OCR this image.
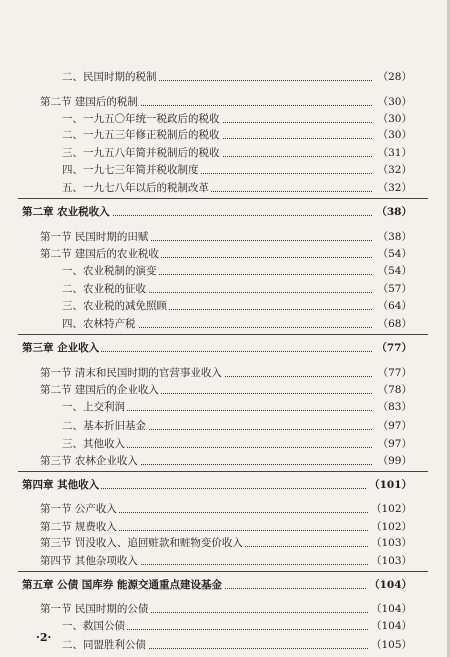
二、民国时期的税制	（28）
第二节 建国后的税制	（30）
一、一九五〇年统一税政后的税收	（30）
二、一九五三年修正税制后的税收	（30）
三、一九五八年简并税制后的税收	（31）
四、一九七三年简并税收制度	（32）
五、一九七八年以后的税制改革	（32）
第二章 农业税收入	（38）
第一节 民国时期的田赋	（38）
第二节 建国后的农业税收	（54）
一、农业税制的演变	（54）
二、农业税的征收	（57）
三、农业税的减免照顾	（64）
四、农林特产税	（68）
第三章 企业收入	（77）
第一节 清末和民国时期的官营事业收入	（77）
第二节 建国后的企业收入	（78）
一、上交利润	（83）
二、基本折旧基金	（97）
三、其他收入	（97）
第三节 农林企业收入	（99）
第四章 其他收入	（101）
第一节 公产收入	（102）
第二节 规费收入	（102）
第三节 罚没收入、追回赃款和赃物变价收入	（103）
第四节 其他杂项收入	（103）
第五章 公债 国库券 能源交通重点建设基金	（104）
第一节 民国时期的公债	（104）
一、救国公债	（104）
二、同盟胜利公债	（105）
·2·
